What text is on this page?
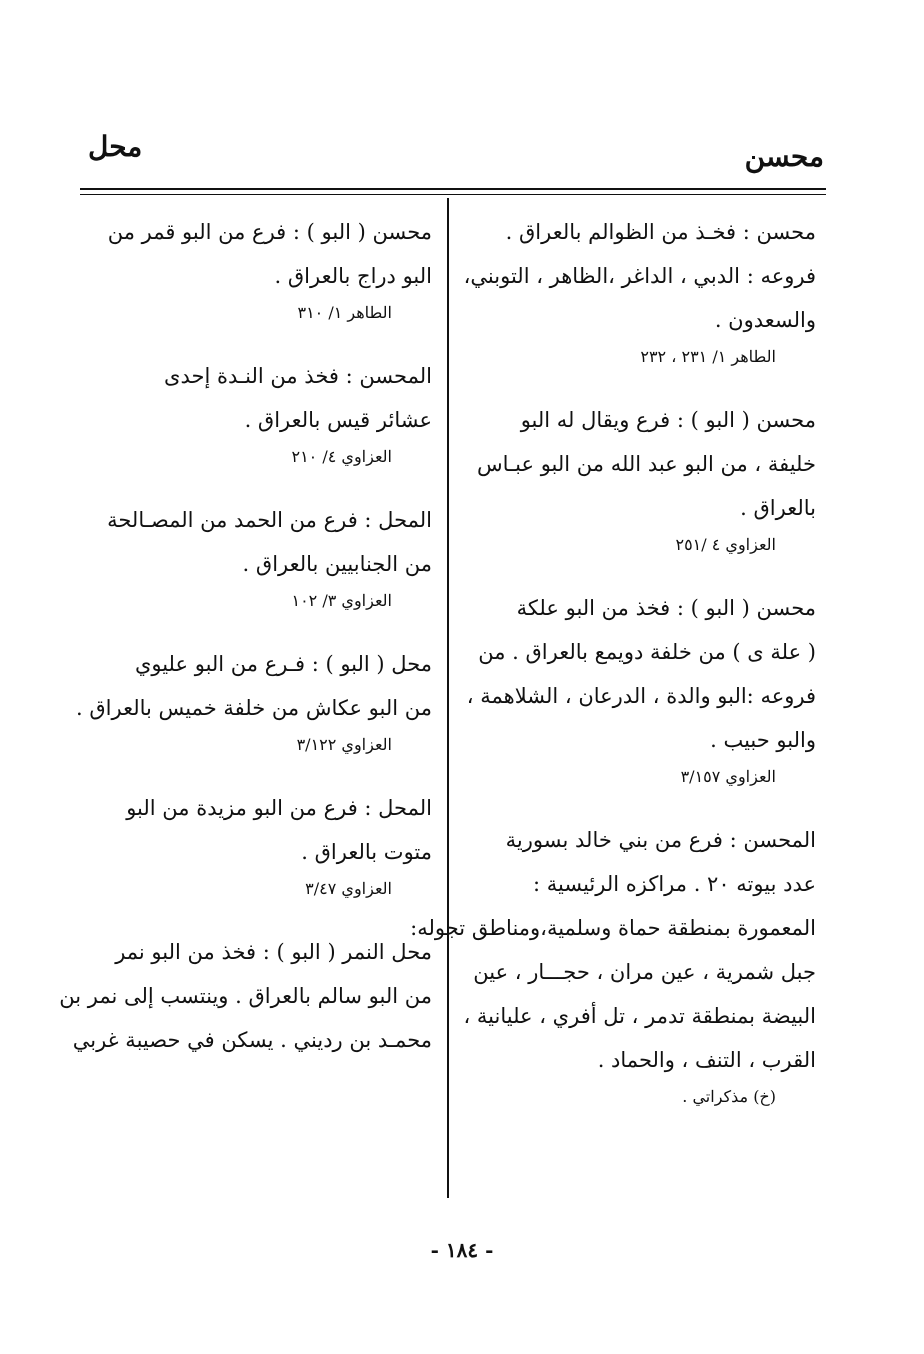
محسن
محل
محسن : فخـذ من الظوالم بالعراق .
فروعه : الدبي ، الداغر ،الظاهر ، التوبني،
والسعدون .
الطاهر ١/ ٢٣١ ، ٢٣٢
محسن ( البو ) : فرع ويقال له البو
خليفة ، من البو عبد الله من البو عبـاس
بالعراق .
العزاوي ٤ /٢٥١
محسن ( البو ) : فخذ من البو علكة
( علة ى ) من خلفة دويمع بالعراق . من
فروعه :البو والدة ، الدرعان ، الشلاهمة ،
والبو حبيب .
العزاوي ٣/١٥٧
المحسن : فرع من بني خالد بسورية
عدد بيوته ٢٠ . مراكزه الرئيسية :
المعمورة بمنطقة حماة وسلمية،ومناطق تجوله:
جبل شمرية ، عين مران ، حجـــار ، عين
البيضة بمنطقة تدمر ، تل أفري ، عليانية ،
القرب ، التنف ، والحماد .
(خ) مذكراتي .
محسن ( البو ) : فرع من البو قمر من
البو دراج بالعراق .
الطاهر ١/ ٣١٠
المحسن : فخذ من النـدة إحدى
عشائر قيس بالعراق .
العزاوي ٤/ ٢١٠
المحل : فرع من الحمد من المصـالحة
من الجنابيين بالعراق .
العزاوي ٣/ ١٠٢
محل ( البو ) : فـرع من البو عليوي
من البو عكاش من خلفة خميس بالعراق .
العزاوي ٣/١٢٢
المحل : فرع من البو مزيدة من البو
متوت بالعراق .
العزاوي ٣/٤٧
محل النمر ( البو ) : فخذ من البو نمر
من البو سالم بالعراق . وينتسب إلى نمر بن
محمـد بن رديني . يسكن في حصيبة غربي
- ١٨٤ -
